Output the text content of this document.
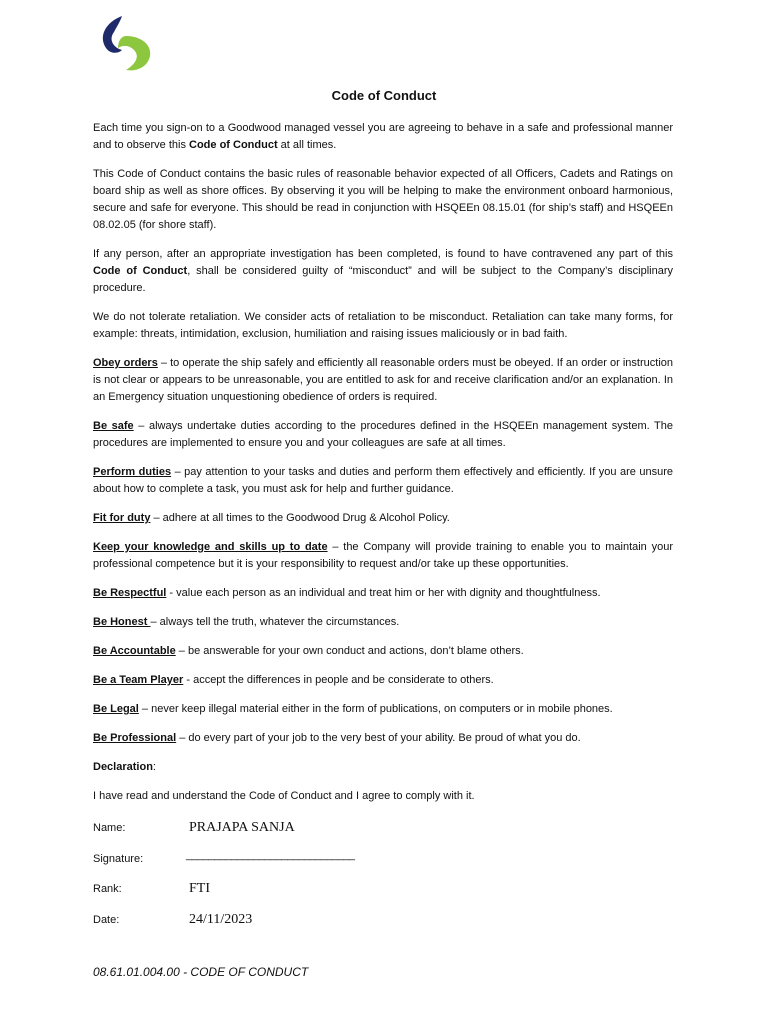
Code of Conduct

Each time you sign-on to a Goodwood managed vessel you are agreeing to behave in a safe and professional manner and to observe this Code of Conduct at all times.

This Code of Conduct contains the basic rules of reasonable behavior expected of all Officers, Cadets and Ratings on board ship as well as shore offices. By observing it you will be helping to make the environment onboard harmonious, secure and safe for everyone. This should be read in conjunction with HSQEEn 08.15.01 (for ship’s staff) and HSQEEn 08.02.05 (for shore staff).

If any person, after an appropriate investigation has been completed, is found to have contravened any part of this Code of Conduct, shall be considered guilty of “misconduct” and will be subject to the Company’s disciplinary procedure.

We do not tolerate retaliation. We consider acts of retaliation to be misconduct. Retaliation can take many forms, for example: threats, intimidation, exclusion, humiliation and raising issues maliciously or in bad faith.

Obey orders – to operate the ship safely and efficiently all reasonable orders must be obeyed. If an order or instruction is not clear or appears to be unreasonable, you are entitled to ask for and receive clarification and/or an explanation. In an Emergency situation unquestioning obedience of orders is required.

Be safe – always undertake duties according to the procedures defined in the HSQEEn management system. The procedures are implemented to ensure you and your colleagues are safe at all times.

Perform duties – pay attention to your tasks and duties and perform them effectively and efficiently. If you are unsure about how to complete a task, you must ask for help and further guidance.

Fit for duty – adhere at all times to the Goodwood Drug & Alcohol Policy.

Keep your knowledge and skills up to date – the Company will provide training to enable you to maintain your professional competence but it is your responsibility to request and/or take up these opportunities.

Be Respectful - value each person as an individual and treat him or her with dignity and thoughtfulness.

Be Honest – always tell the truth, whatever the circumstances.

Be Accountable – be answerable for your own conduct and actions, don’t blame others.

Be a Team Player - accept the differences in people and be considerate to others.

Be Legal – never keep illegal material either in the form of publications, on computers or in mobile phones.

Be Professional – do every part of your job to the very best of your ability. Be proud of what you do.

Declaration:

I have read and understand the Code of Conduct and I agree to comply with it.

Name:	PRAJAPA SANJA
Signature:	______________________________
Rank:	FTI
Date:	24/11/2023
08.61.01.004.00 - CODE OF CONDUCT
